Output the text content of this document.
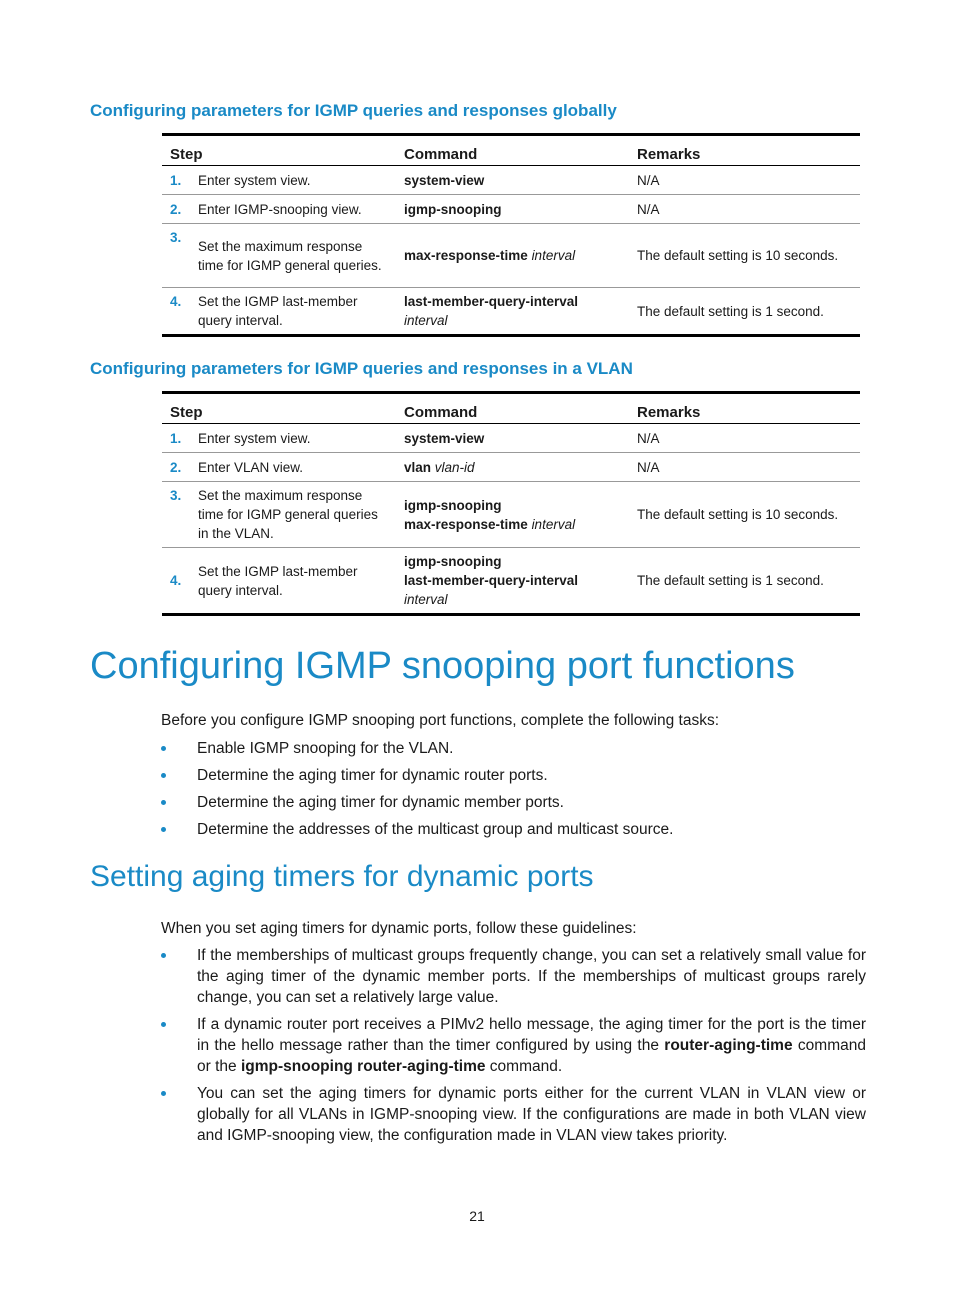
Configuring parameters for IGMP queries and responses globally
Step		Command	Remarks
1.	Enter system view.	system-view	N/A
2.	Enter IGMP-snooping view.	igmp-snooping	N/A
3.	Set the maximum response time for IGMP general queries.	max-response-time interval	The default setting is 10 seconds.
4.	Set the IGMP last-member query interval.	last-member-query-interval
interval	The default setting is 1 second.
Configuring parameters for IGMP queries and responses in a VLAN
Step		Command	Remarks
1.	Enter system view.	system-view	N/A
2.	Enter VLAN view.	vlan vlan-id	N/A
3.	Set the maximum response time for IGMP general queries in the VLAN.	igmp-snooping
max-response-time interval	The default setting is 10 seconds.
4.	Set the IGMP last-member query interval.	igmp-snooping
last-member-query-interval
interval	The default setting is 1 second.
Configuring IGMP snooping port functions
Before you configure IGMP snooping port functions, complete the following tasks:
Enable IGMP snooping for the VLAN.
Determine the aging timer for dynamic router ports.
Determine the aging timer for dynamic member ports.
Determine the addresses of the multicast group and multicast source.
Setting aging timers for dynamic ports
When you set aging timers for dynamic ports, follow these guidelines:
If the memberships of multicast groups frequently change, you can set a relatively small value for the aging timer of the dynamic member ports. If the memberships of multicast groups rarely change, you can set a relatively large value.
If a dynamic router port receives a PIMv2 hello message, the aging timer for the port is the timer in the hello message rather than the timer configured by using the router-aging-time command or the igmp-snooping router-aging-time command.
You can set the aging timers for dynamic ports either for the current VLAN in VLAN view or globally for all VLANs in IGMP-snooping view. If the configurations are made in both VLAN view and IGMP-snooping view, the configuration made in VLAN view takes priority.
21
